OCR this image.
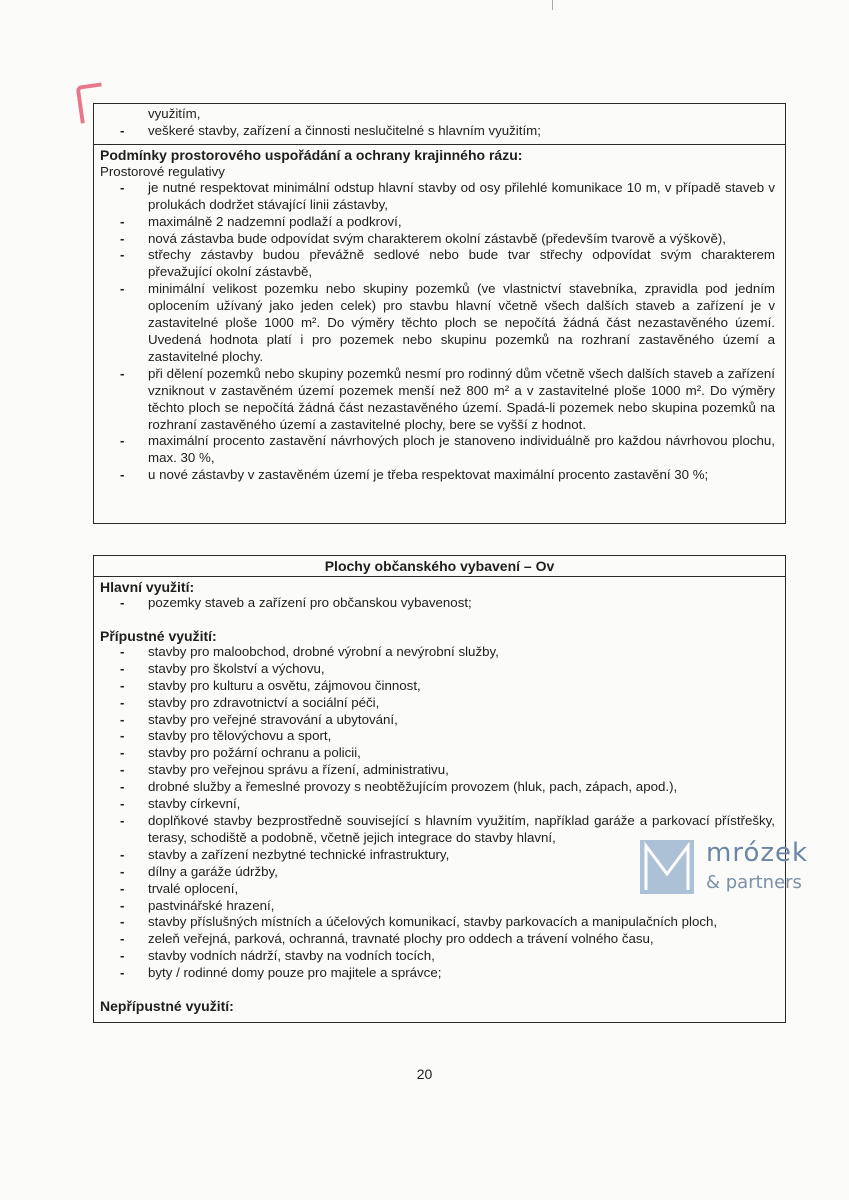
využitím,
- veškeré stavby, zařízení a činnosti neslučitelné s hlavním využitím;
Podmínky prostorového uspořádání a ochrany krajinného rázu:
Prostorové regulativy
- je nutné respektovat minimální odstup hlavní stavby od osy přilehlé komunikace 10 m, v případě staveb v prolukách dodržet stávající linii zástavby,
- maximálně 2 nadzemní podlaží a podkroví,
- nová zástavba bude odpovídat svým charakterem okolní zástavbě (především tvarově a výškově),
- střechy zástavby budou převážně sedlové nebo bude tvar střechy odpovídat svým charakterem převažující okolní zástavbě,
- minimální velikost pozemku nebo skupiny pozemků (ve vlastnictví stavebníka, zpravidla pod jedním oplocením užívaný jako jeden celek) pro stavbu hlavní včetně všech dalších staveb a zařízení je v zastavitelné ploše 1000 m². Do výměry těchto ploch se nepočítá žádná část nezastavěného území. Uvedená hodnota platí i pro pozemek nebo skupinu pozemků na rozhraní zastavěného území a zastavitelné plochy.
- při dělení pozemků nebo skupiny pozemků nesmí pro rodinný dům včetně všech dalších staveb a zařízení vzniknout v zastavěném území pozemek menší než 800 m² a v zastavitelné ploše 1000 m². Do výměry těchto ploch se nepočítá žádná část nezastavěného území. Spadá-li pozemek nebo skupina pozemků na rozhraní zastavěného území a zastavitelné plochy, bere se vyšší z hodnot.
- maximální procento zastavění návrhových ploch je stanoveno individuálně pro každou návrhovou plochu, max. 30 %,
- u nové zástavby v zastavěném území je třeba respektovat maximální procento zastavění 30 %;
Plochy občanského vybavení – Ov
Hlavní využití:
- pozemky staveb a zařízení pro občanskou vybavenost;
Přípustné využití:
- stavby pro maloobchod, drobné výrobní a nevýrobní služby,
- stavby pro školství a výchovu,
- stavby pro kulturu a osvětu, zájmovou činnost,
- stavby pro zdravotnictví a sociální péči,
- stavby pro veřejné stravování a ubytování,
- stavby pro tělovýchovu a sport,
- stavby pro požární ochranu a policii,
- stavby pro veřejnou správu a řízení, administrativu,
- drobné služby a řemeslné provozy s neobtěžujícím provozem (hluk, pach, zápach, apod.),
- stavby církevní,
- doplňkové stavby bezprostředně související s hlavním využitím, například garáže a parkovací přístřešky, terasy, schodiště a podobně, včetně jejich integrace do stavby hlavní,
- stavby a zařízení nezbytné technické infrastruktury,
- dílny a garáže údržby,
- trvalé oplocení,
- pastvinářské hrazení,
- stavby příslušných místních a účelových komunikací, stavby parkovacích a manipulačních ploch,
- zeleň veřejná, parková, ochranná, travnaté plochy pro oddech a trávení volného času,
- stavby vodních nádrží, stavby na vodních tocích,
- byty / rodinné domy pouze pro majitele a správce;
Nepřípustné využití:
mrózek
& partners
20
